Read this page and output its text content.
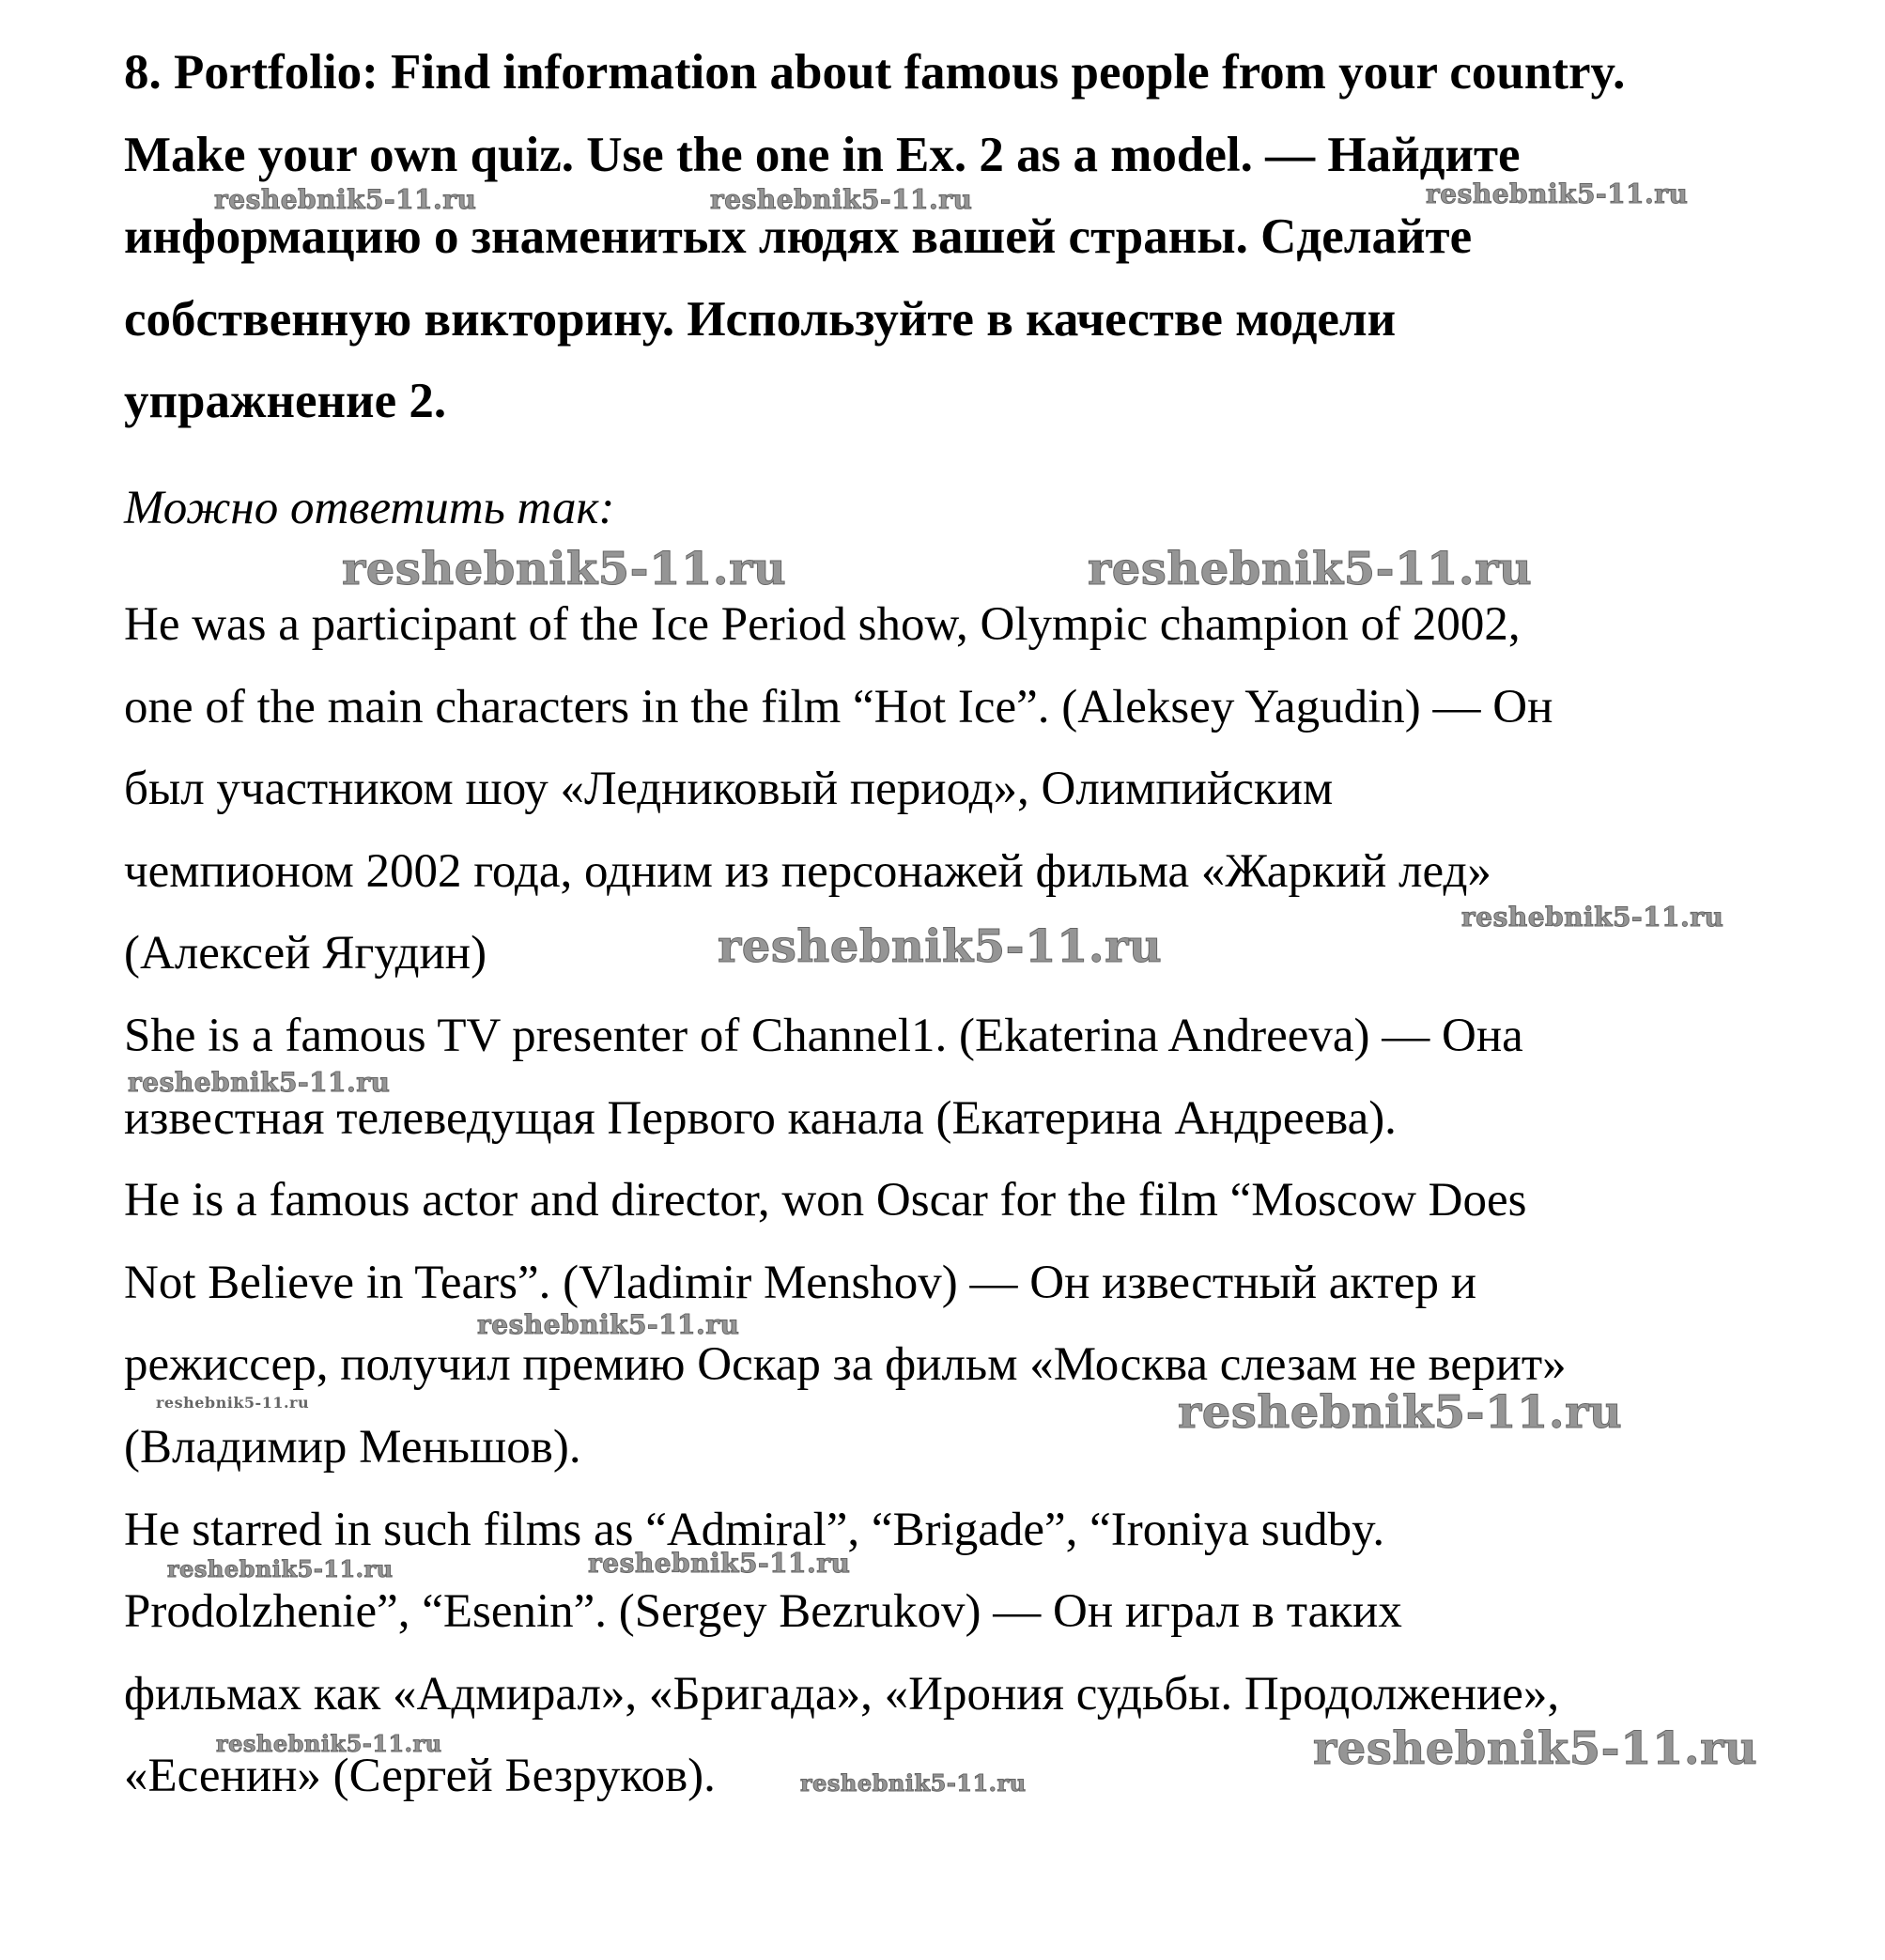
8. Portfolio: Find information about famous people from your country.
Make your own quiz. Use the one in Ex. 2 as a model. — Найдите
информацию о знаменитых людях вашей страны. Сделайте
собственную викторину. Используйте в качестве модели
упражнение 2.
Можно ответить так:
He was a participant of the Ice Period show, Olympic champion of 2002,
one of the main characters in the film “Hot Ice”. (Aleksey Yagudin) — Он
был участником шоу «Ледниковый период», Олимпийским
чемпионом 2002 года, одним из персонажей фильма «Жаркий лед»
(Алексей Ягудин)
She is a famous TV presenter of Channel1. (Ekaterina Andreeva) — Она
известная телеведущая Первого канала (Екатерина Андреева).
He is a famous actor and director, won Oscar for the film “Moscow Does
Not Believe in Tears”. (Vladimir Menshov) — Он известный актер и
режиссер, получил премию Оскар за фильм «Москва слезам не верит»
(Владимир Меньшов).
He starred in such films as “Admiral”, “Brigade”, “Ironiya sudby.
Prodolzhenie”, “Esenin”. (Sergey Bezrukov) — Он играл в таких
фильмах как «Адмирал», «Бригада», «Ирония судьбы. Продолжение»,
«Есенин» (Сергей Безруков).
reshebnik5-11.ru	reshebnik5-11.ru	reshebnik5-11.ru
reshebnik5-11.ru	reshebnik5-11.ru
reshebnik5-11.ru
reshebnik5-11.ru
reshebnik5-11.ru
reshebnik5-11.ru
reshebnik5-11.ru	reshebnik5-11.ru
reshebnik5-11.ru	reshebnik5-11.ru
reshebnik5-11.ru	reshebnik5-11.ru
reshebnik5-11.ru
